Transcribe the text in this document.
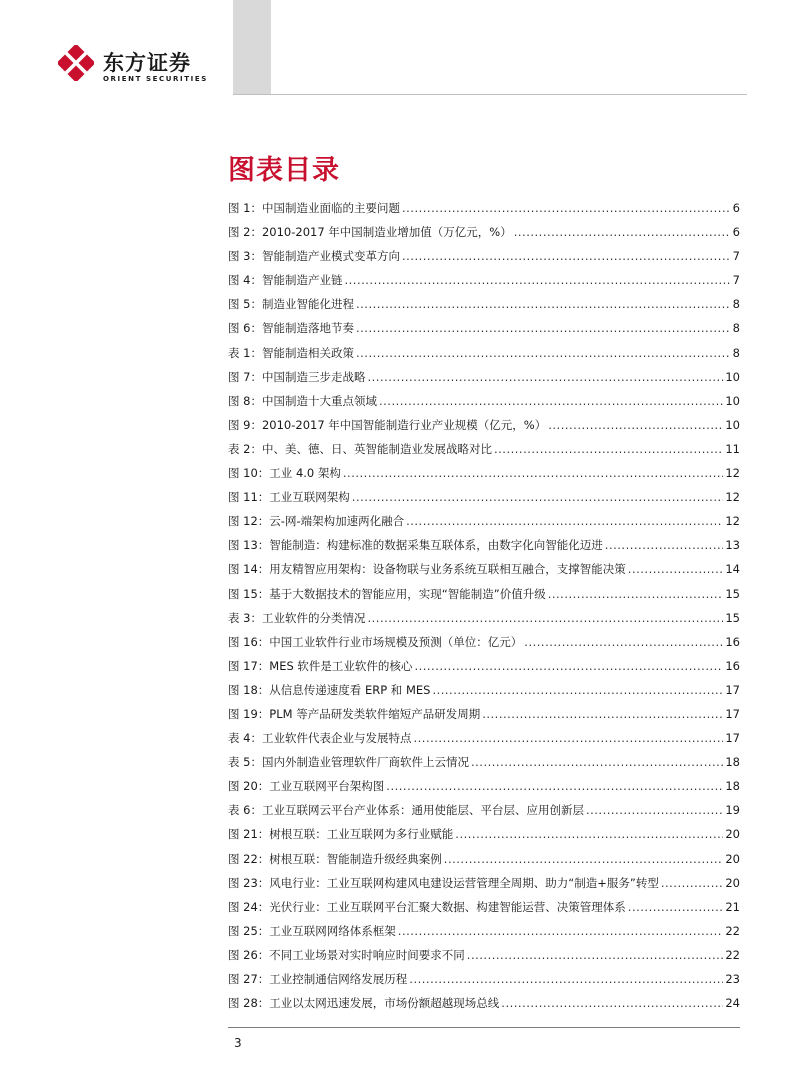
东方证券
ORIENT SECURITIES
图表目录
图 1：中国制造业面临的主要问题 .....	6
图 2：2010-2017 年中国制造业增加值（万亿元，%） .....	6
图 3：智能制造产业模式变革方向 .....	7
图 4：智能制造产业链 .....	7
图 5：制造业智能化进程 .....	8
图 6：智能制造落地节奏 .....	8
表 1：智能制造相关政策 .....	8
图 7：中国制造三步走战略 .....	10
图 8：中国制造十大重点领域 .....	10
图 9：2010-2017 年中国智能制造行业产业规模（亿元，%） .....	10
表 2：中、美、德、日、英智能制造业发展战略对比 .....	11
图 10：工业 4.0 架构 .....	12
图 11：工业互联网架构 .....	12
图 12：云-网-端架构加速两化融合 .....	12
图 13：智能制造：构建标准的数据采集互联体系，由数字化向智能化迈进 .....	13
图 14：用友精智应用架构：设备物联与业务系统互联相互融合，支撑智能决策 .....	14
图 15：基于大数据技术的智能应用，实现“智能制造”价值升级 .....	15
表 3：工业软件的分类情况 .....	15
图 16：中国工业软件行业市场规模及预测（单位：亿元） .....	16
图 17：MES 软件是工业软件的核心 .....	16
图 18：从信息传递速度看 ERP 和 MES .....	17
图 19：PLM 等产品研发类软件缩短产品研发周期 .....	17
表 4：工业软件代表企业与发展特点 .....	17
表 5：国内外制造业管理软件厂商软件上云情况 .....	18
图 20：工业互联网平台架构图 .....	18
表 6：工业互联网云平台产业体系：通用使能层、平台层、应用创新层 .....	19
图 21：树根互联：工业互联网为多行业赋能 .....	20
图 22：树根互联：智能制造升级经典案例 .....	20
图 23：风电行业：工业互联网构建风电建设运营管理全周期、助力“制造+服务”转型 .....	20
图 24：光伏行业：工业互联网平台汇聚大数据、构建智能运营、决策管理体系 .....	21
图 25：工业互联网网络体系框架 .....	22
图 26：不同工业场景对实时响应时间要求不同 .....	22
图 27：工业控制通信网络发展历程 .....	23
图 28：工业以太网迅速发展，市场份额超越现场总线 .....	24
3
